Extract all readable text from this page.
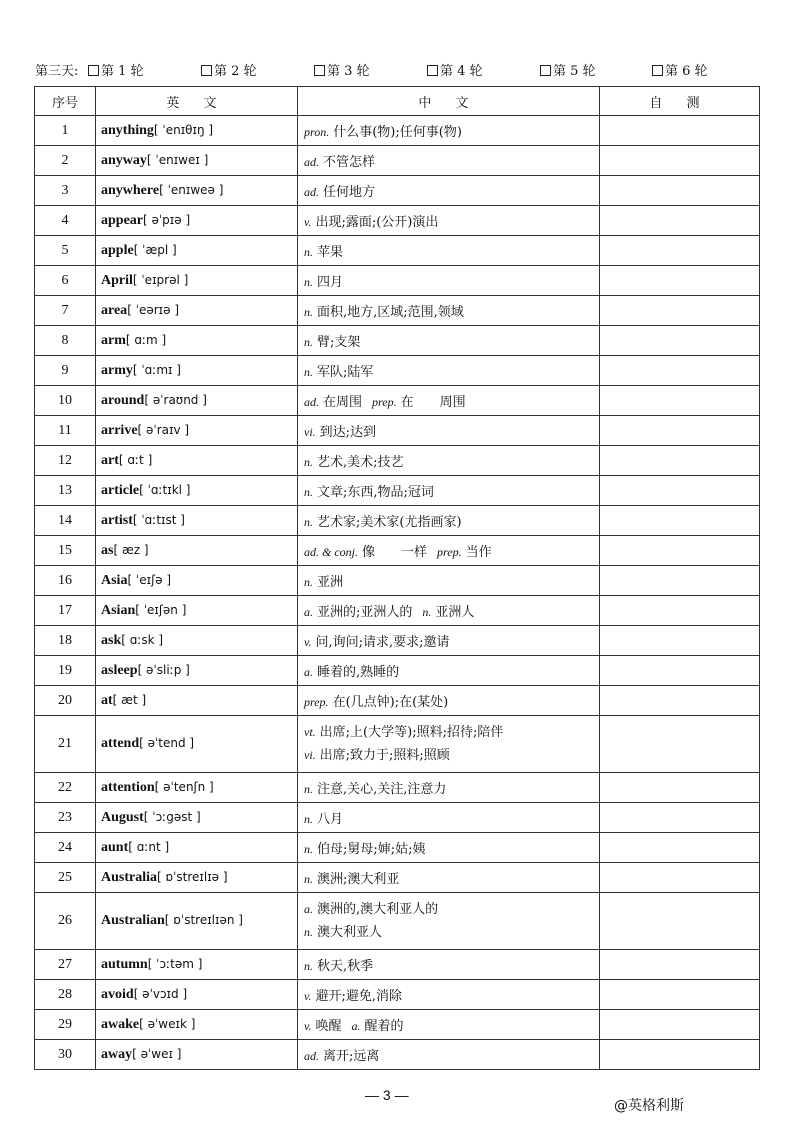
第三天:	第 1 轮	第 2 轮	第 3 轮	第 4 轮	第 5 轮	第 6 轮
序号	英 文	中 文	自 测
1	anything[ ˈenɪθɪŋ ]	pron. 什么事(物);任何事(物)	
2	anyway[ ˈenɪweɪ ]	ad. 不管怎样	
3	anywhere[ ˈenɪweə ]	ad. 任何地方	
4	appear[ əˈpɪə ]	v. 出现;露面;(公开)演出	
5	apple[ ˈæpl ]	n. 苹果	
6	April[ ˈeɪprəl ]	n. 四月	
7	area[ ˈeərɪə ]	n. 面积,地方,区域;范围,领域	
8	arm[ ɑːm ]	n. 臂;支架	
9	army[ ˈɑːmɪ ]	n. 军队;陆军	
10	around[ əˈraʊnd ]	ad. 在周围 prep. 在　　周围	
11	arrive[ əˈraɪv ]	vi. 到达;达到	
12	art[ ɑːt ]	n. 艺术,美术;技艺	
13	article[ ˈɑːtɪkl ]	n. 文章;东西,物品;冠词	
14	artist[ ˈɑːtɪst ]	n. 艺术家;美术家(尤指画家)	
15	as[ æz ]	ad. & conj. 像　　一样 prep. 当作	
16	Asia[ ˈeɪʃə ]	n. 亚洲	
17	Asian[ ˈeɪʃən ]	a. 亚洲的;亚洲人的 n. 亚洲人	
18	ask[ ɑːsk ]	v. 问,询问;请求,要求;邀请	
19	asleep[ əˈsliːp ]	a. 睡着的,熟睡的	
20	at[ æt ]	prep. 在(几点钟);在(某处)	
21	attend[ əˈtend ]	vt. 出席;上(大学等);照料;招待;陪伴
vi. 出席;致力于;照料;照顾	
22	attention[ əˈtenʃn ]	n. 注意,关心,关注,注意力	
23	August[ ˈɔːgəst ]	n. 八月	
24	aunt[ ɑːnt ]	n. 伯母;舅母;婶;姑;姨	
25	Australia[ ɒˈstreɪlɪə ]	n. 澳洲;澳大利亚	
26	Australian[ ɒˈstreɪlɪən ]	a. 澳洲的,澳大利亚人的
n. 澳大利亚人	
27	autumn[ ˈɔːtəm ]	n. 秋天,秋季	
28	avoid[ əˈvɔɪd ]	v. 避开;避免,消除	
29	awake[ əˈweɪk ]	v. 唤醒 a. 醒着的	
30	away[ əˈweɪ ]	ad. 离开;远离	
— 3 —
@英格利斯
